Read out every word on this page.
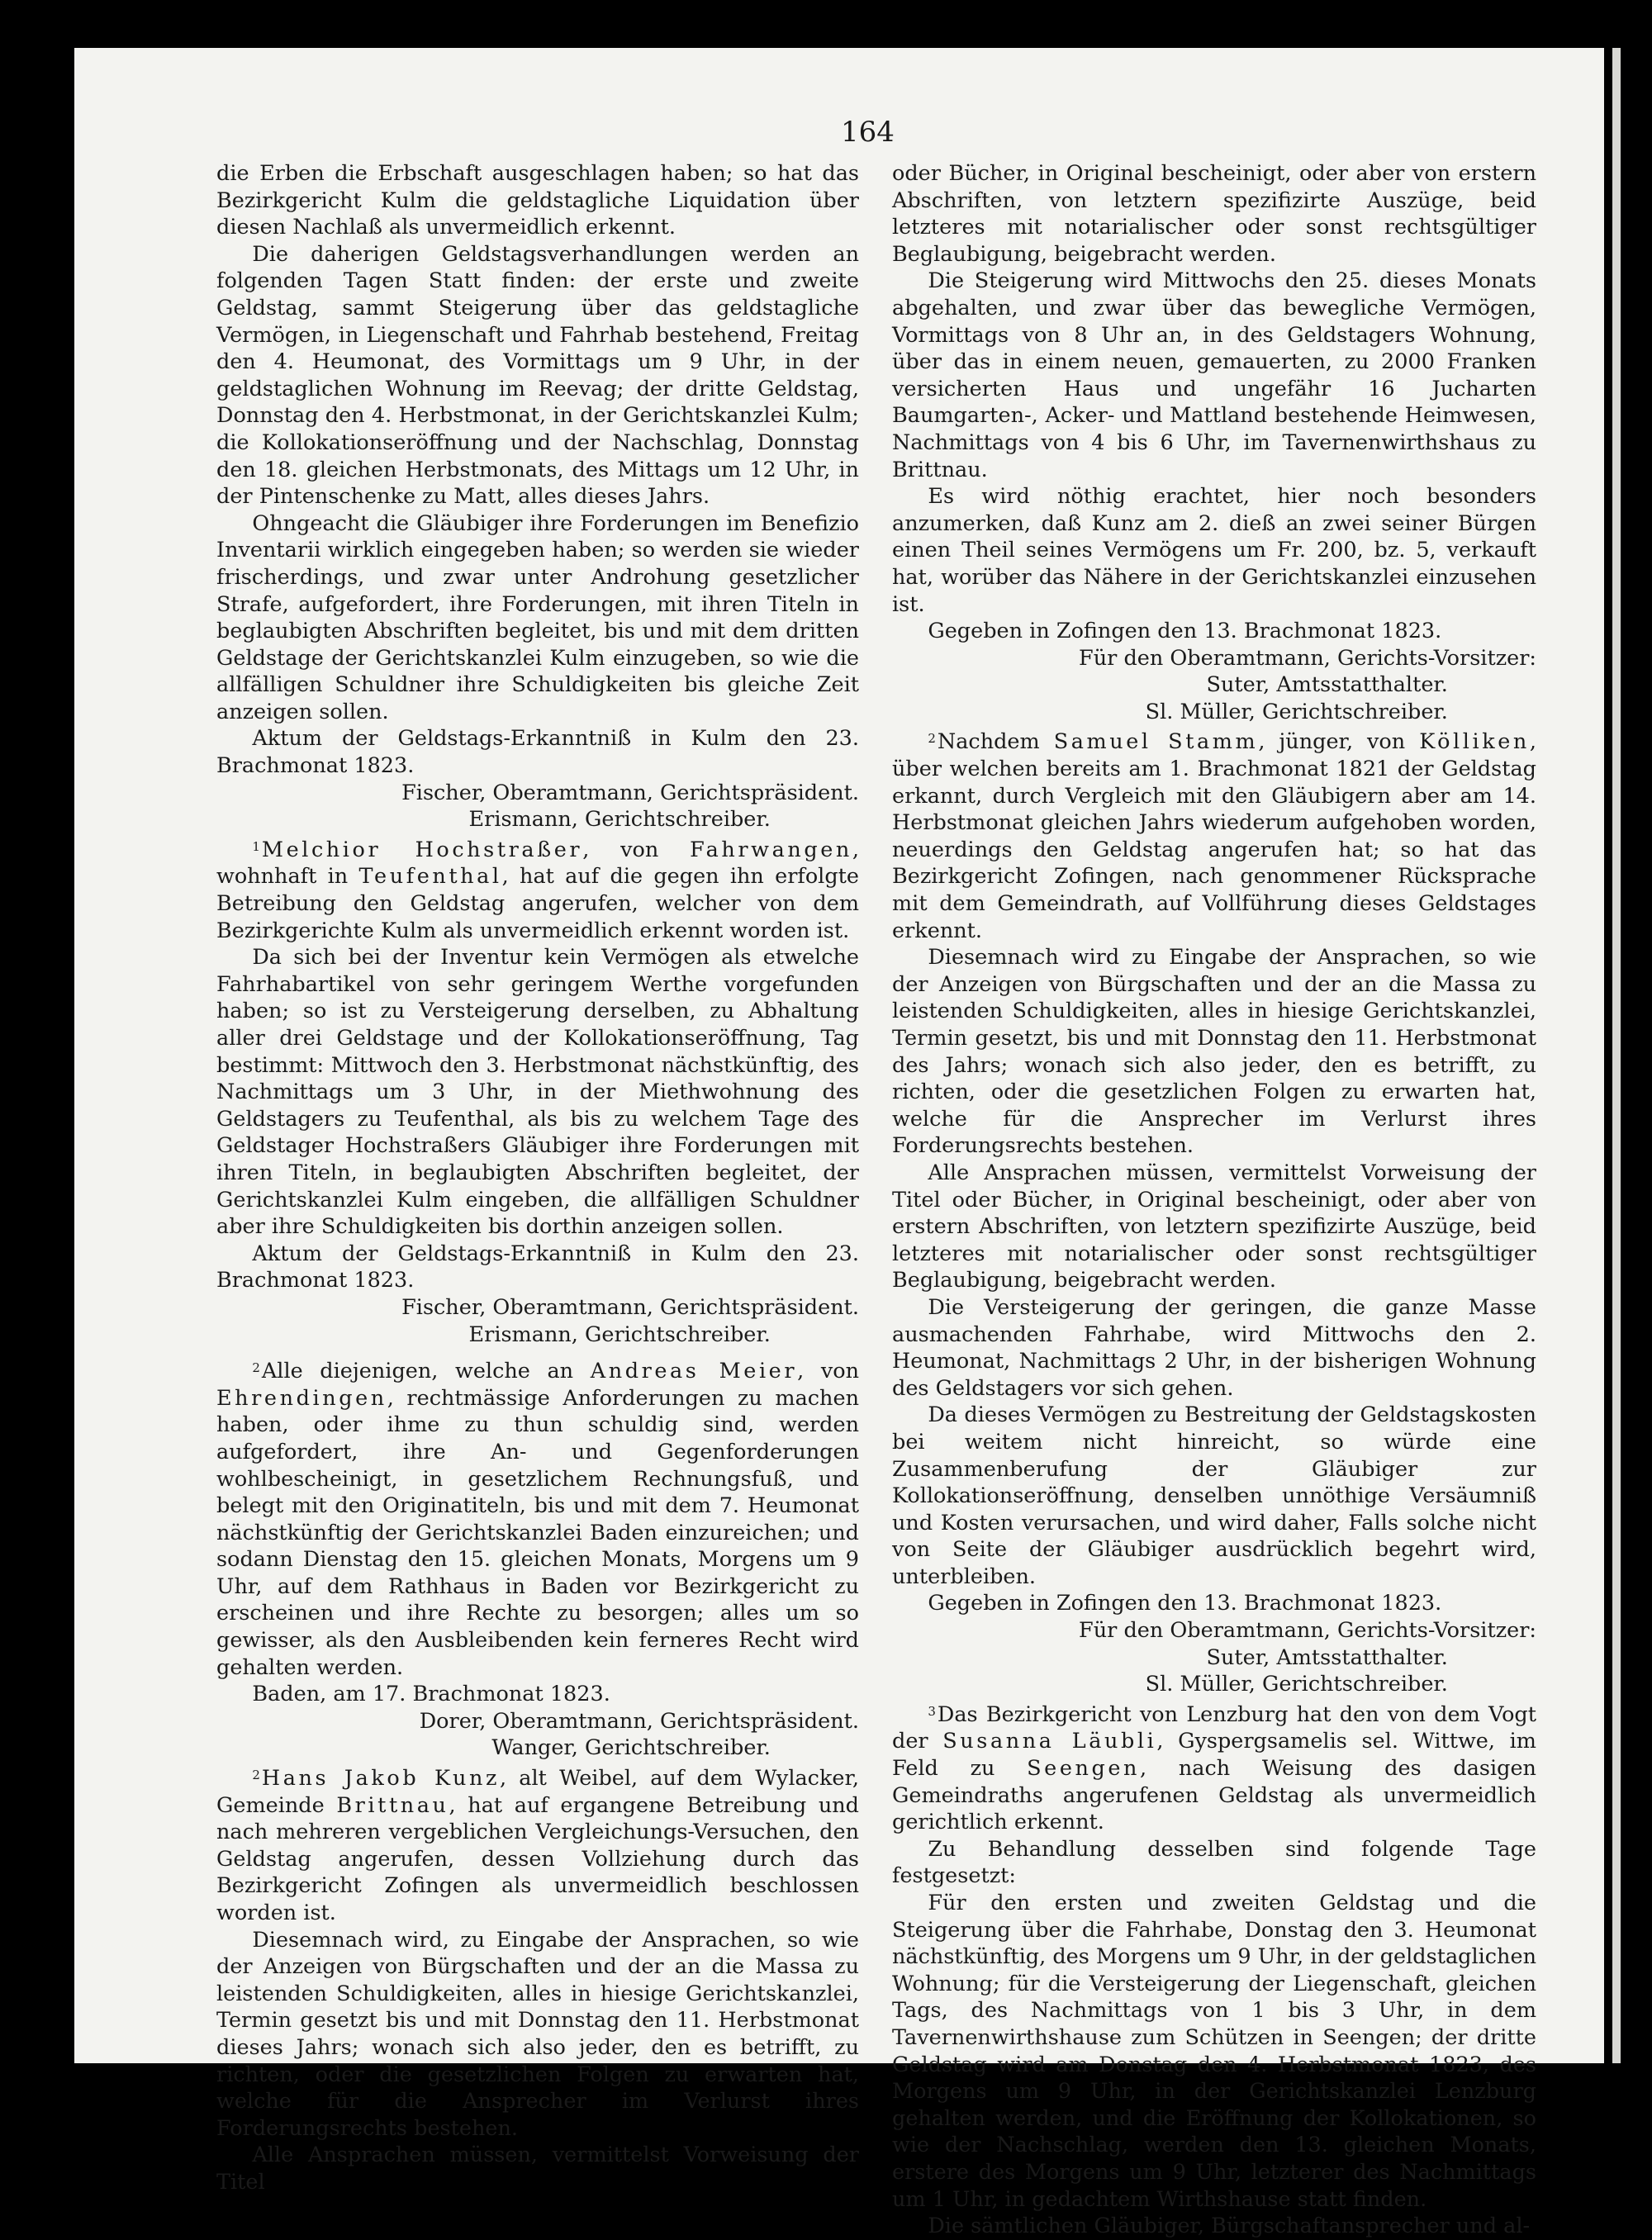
164

die Erben die Erbschaft ausgeschlagen haben; so hat das Bezirkgericht Kulm die geldstagliche Liquidation über diesen Nachlaß als unvermeidlich erkennt.

Die daherigen Geldstagsverhandlungen werden an folgenden Tagen Statt finden: der erste und zweite Geldstag, sammt Steigerung über das geldstagliche Vermögen, in Liegenschaft und Fahrhab bestehend, Freitag den 4. Heumonat, des Vormittags um 9 Uhr, in der geldstaglichen Wohnung im Reevag; der dritte Geldstag, Donnstag den 4. Herbstmonat, in der Gerichtskanzlei Kulm; die Kollokationseröffnung und der Nachschlag, Donnstag den 18. gleichen Herbstmonats, des Mittags um 12 Uhr, in der Pintenschenke zu Matt, alles dieses Jahrs.

Ohngeacht die Gläubiger ihre Forderungen im Benefizio Inventarii wirklich eingegeben haben; so werden sie wieder frischerdings, und zwar unter Androhung gesetzlicher Strafe, aufgefordert, ihre Forderungen, mit ihren Titeln in beglaubigten Abschriften begleitet, bis und mit dem dritten Geldstage der Gerichtskanzlei Kulm einzugeben, so wie die allfälligen Schuldner ihre Schuldigkeiten bis gleiche Zeit anzeigen sollen.

Aktum der Geldstags-Erkanntniß in Kulm den 23. Brachmonat 1823.

Fischer, Oberamtmann, Gerichtspräsident.

Erismann, Gerichtschreiber.

$^1$Melchior Hochstraßer, von Fahrwangen, wohnhaft in Teufenthal, hat auf die gegen ihn erfolgte Betreibung den Geldstag angerufen, welcher von dem Bezirkgerichte Kulm als unvermeidlich erkennt worden ist.

Da sich bei der Inventur kein Vermögen als etwelche Fahrhabartikel von sehr geringem Werthe vorgefunden haben; so ist zu Versteigerung derselben, zu Abhaltung aller drei Geldstage und der Kollokationseröffnung, Tag bestimmt: Mittwoch den 3. Herbstmonat nächstkünftig, des Nachmittags um 3 Uhr, in der Miethwohnung des Geldstagers zu Teufenthal, als bis zu welchem Tage des Geldstager Hochstraßers Gläubiger ihre Forderungen mit ihren Titeln, in beglaubigten Abschriften begleitet, der Gerichtskanzlei Kulm eingeben, die allfälligen Schuldner aber ihre Schuldigkeiten bis dorthin anzeigen sollen.

Aktum der Geldstags-Erkanntniß in Kulm den 23. Brachmonat 1823.

Fischer, Oberamtmann, Gerichtspräsident.

Erismann, Gerichtschreiber.

$^2$Alle diejenigen, welche an Andreas Meier, von Ehrendingen, rechtmässige Anforderungen zu machen haben, oder ihme zu thun schuldig sind, werden aufgefordert, ihre An- und Gegenforderungen wohlbescheinigt, in gesetzlichem Rechnungsfuß, und belegt mit den Originatiteln, bis und mit dem 7. Heumonat nächstkünftig der Gerichtskanzlei Baden einzureichen; und sodann Dienstag den 15. gleichen Monats, Morgens um 9 Uhr, auf dem Rathhaus in Baden vor Bezirkgericht zu erscheinen und ihre Rechte zu besorgen; alles um so gewisser, als den Ausbleibenden kein ferneres Recht wird gehalten werden.

Baden, am 17. Brachmonat 1823.

Dorer, Oberamtmann, Gerichtspräsident.

Wanger, Gerichtschreiber.

$^2$Hans Jakob Kunz, alt Weibel, auf dem Wylacker, Gemeinde Brittnau, hat auf ergangene Betreibung und nach mehreren vergeblichen Vergleichungs-Versuchen, den Geldstag angerufen, dessen Vollziehung durch das Bezirkgericht Zofingen als unvermeidlich beschlossen worden ist.

Diesemnach wird, zu Eingabe der Ansprachen, so wie der Anzeigen von Bürgschaften und der an die Massa zu leistenden Schuldigkeiten, alles in hiesige Gerichtskanzlei, Termin gesetzt bis und mit Donnstag den 11. Herbstmonat dieses Jahrs; wonach sich also jeder, den es betrifft, zu richten, oder die gesetzlichen Folgen zu erwarten hat, welche für die Ansprecher im Verlurst ihres Forderungsrechts bestehen.

Alle Ansprachen müssen, vermittelst Vorweisung der Titel

oder Bücher, in Original bescheinigt, oder aber von erstern Abschriften, von letztern spezifizirte Auszüge, beid letzteres mit notarialischer oder sonst rechtsgültiger Beglaubigung, beigebracht werden.

Die Steigerung wird Mittwochs den 25. dieses Monats abgehalten, und zwar über das bewegliche Vermögen, Vormittags von 8 Uhr an, in des Geldstagers Wohnung, über das in einem neuen, gemauerten, zu 2000 Franken versicherten Haus und ungefähr 16 Jucharten Baumgarten-, Acker- und Mattland bestehende Heimwesen, Nachmittags von 4 bis 6 Uhr, im Tavernenwirthshaus zu Brittnau.

Es wird nöthig erachtet, hier noch besonders anzumerken, daß Kunz am 2. dieß an zwei seiner Bürgen einen Theil seines Vermögens um Fr. 200, bz. 5, verkauft hat, worüber das Nähere in der Gerichtskanzlei einzusehen ist.

Gegeben in Zofingen den 13. Brachmonat 1823.

Für den Oberamtmann, Gerichts-Vorsitzer:

Suter, Amtsstatthalter.

Sl. Müller, Gerichtschreiber.

$^2$Nachdem Samuel Stamm, jünger, von Kölliken, über welchen bereits am 1. Brachmonat 1821 der Geldstag erkannt, durch Vergleich mit den Gläubigern aber am 14. Herbstmonat gleichen Jahrs wiederum aufgehoben worden, neuerdings den Geldstag angerufen hat; so hat das Bezirkgericht Zofingen, nach genommener Rücksprache mit dem Gemeindrath, auf Vollführung dieses Geldstages erkennt.

Diesemnach wird zu Eingabe der Ansprachen, so wie der Anzeigen von Bürgschaften und der an die Massa zu leistenden Schuldigkeiten, alles in hiesige Gerichtskanzlei, Termin gesetzt, bis und mit Donnstag den 11. Herbstmonat des Jahrs; wonach sich also jeder, den es betrifft, zu richten, oder die gesetzlichen Folgen zu erwarten hat, welche für die Ansprecher im Verlurst ihres Forderungsrechts bestehen.

Alle Ansprachen müssen, vermittelst Vorweisung der Titel oder Bücher, in Original bescheinigt, oder aber von erstern Abschriften, von letztern spezifizirte Auszüge, beid letzteres mit notarialischer oder sonst rechtsgültiger Beglaubigung, beigebracht werden.

Die Versteigerung der geringen, die ganze Masse ausmachenden Fahrhabe, wird Mittwochs den 2. Heumonat, Nachmittags 2 Uhr, in der bisherigen Wohnung des Geldstagers vor sich gehen.

Da dieses Vermögen zu Bestreitung der Geldstagskosten bei weitem nicht hinreicht, so würde eine Zusammenberufung der Gläubiger zur Kollokationseröffnung, denselben unnöthige Versäumniß und Kosten verursachen, und wird daher, Falls solche nicht von Seite der Gläubiger ausdrücklich begehrt wird, unterbleiben.

Gegeben in Zofingen den 13. Brachmonat 1823.

Für den Oberamtmann, Gerichts-Vorsitzer:

Suter, Amtsstatthalter.

Sl. Müller, Gerichtschreiber.

$^3$Das Bezirkgericht von Lenzburg hat den von dem Vogt der Susanna Läubli, Gyspergsamelis sel. Wittwe, im Feld zu Seengen, nach Weisung des dasigen Gemeindraths angerufenen Geldstag als unvermeidlich gerichtlich erkennt.

Zu Behandlung desselben sind folgende Tage festgesetzt:

Für den ersten und zweiten Geldstag und die Steigerung über die Fahrhabe, Donstag den 3. Heumonat nächstkünftig, des Morgens um 9 Uhr, in der geldstaglichen Wohnung; für die Versteigerung der Liegenschaft, gleichen Tags, des Nachmittags von 1 bis 3 Uhr, in dem Tavernenwirthshause zum Schützen in Seengen; der dritte Geldstag wird am Donstag den 4. Herbstmonat 1823, des Morgens um 9 Uhr, in der Gerichtskanzlei Lenzburg gehalten werden, und die Eröffnung der Kollokationen, so wie der Nachschlag, werden den 13. gleichen Monats, erstere des Morgens um 9 Uhr, letzterer des Nachmittags um 1 Uhr, in gedachtem Wirthshause statt finden.

Die sämtlichen Gläubiger, Bürgschaftansprecher und al-
